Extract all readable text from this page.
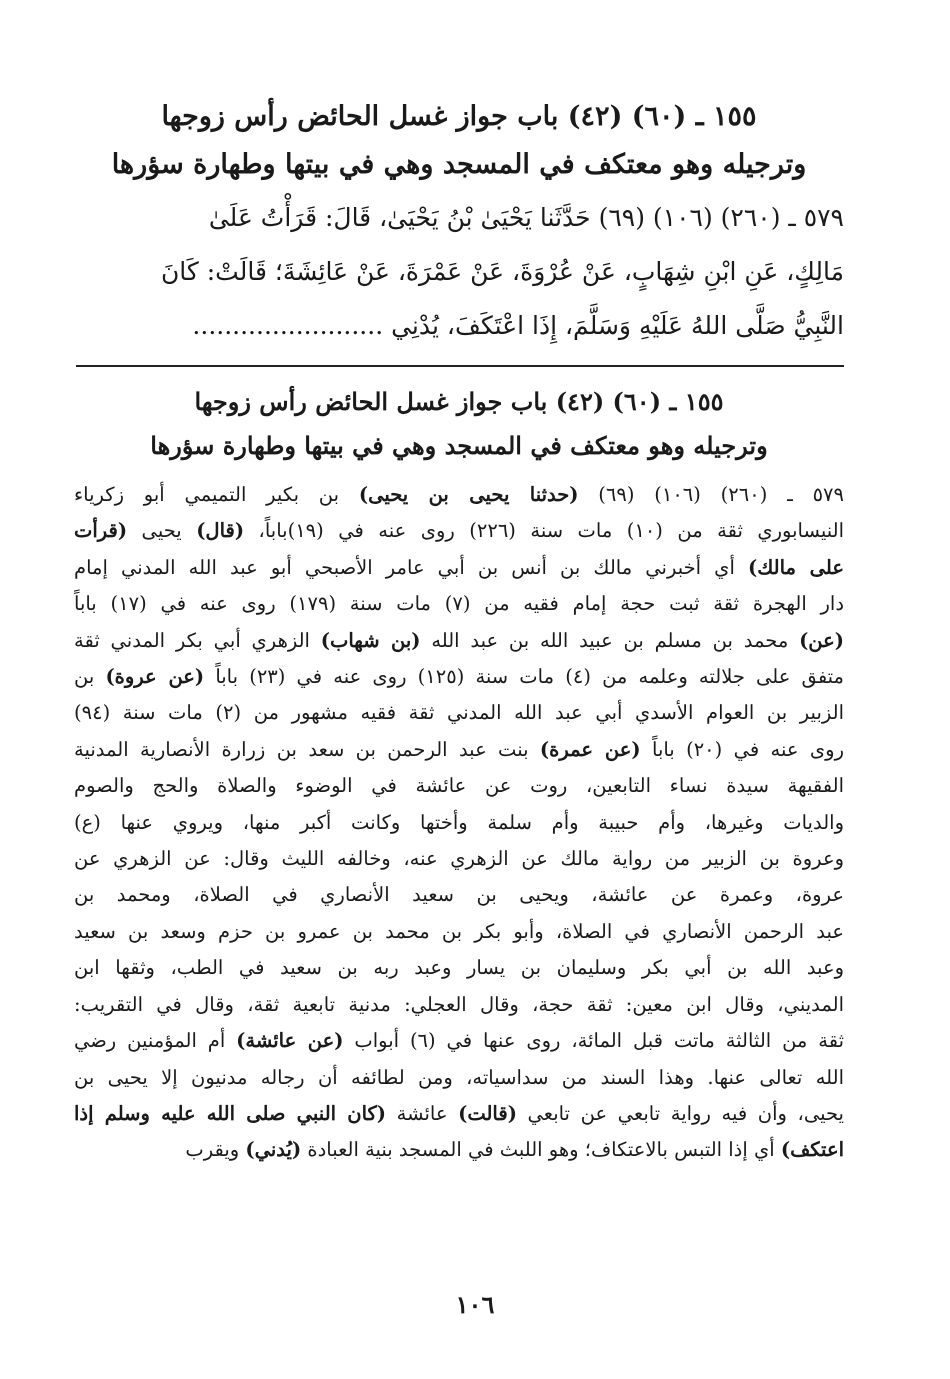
١٥٥ ـ (٦٠) (٤٢) باب جواز غسل الحائض رأس زوجها
وترجيله وهو معتكف في المسجد وهي في بيتها وطهارة سؤرها
٥٧٩ ـ (٢٦٠) (١٠٦) (٦٩) حَدَّثَنا يَحْيَىٰ بْنُ يَحْيَىٰ، قَالَ: قَرَأْتُ عَلَىٰ
مَالِكٍ، عَنِ ابْنِ شِهَابٍ، عَنْ عُرْوَةَ، عَنْ عَمْرَةَ، عَنْ عَائِشَةَ؛ قَالَتْ: كَانَ
النَّبِيُّ صَلَّى اللهُ عَلَيْهِ وَسَلَّمَ، إِذَا اعْتَكَفَ، يُدْنِي ........................
١٥٥ ـ (٦٠) (٤٢) باب جواز غسل الحائض رأس زوجها
وترجيله وهو معتكف في المسجد وهي في بيتها وطهارة سؤرها
٥٧٩ ـ (٢٦٠) (١٠٦) (٦٩) (حدثنا يحيى بن يحيى) بن بكير التميمي أبو زكرياء
النيسابوري ثقة من (١٠) مات سنة (٢٢٦) روى عنه في (١٩)باباً، (قال) يحيى (قرأت
على مالك) أي أخبرني مالك بن أنس بن أبي عامر الأصبحي أبو عبد الله المدني إمام
دار الهجرة ثقة ثبت حجة إمام فقيه من (٧) مات سنة (١٧٩) روى عنه في (١٧) باباً
(عن) محمد بن مسلم بن عبيد الله بن عبد الله (بن شهاب) الزهري أبي بكر المدني ثقة
متفق على جلالته وعلمه من (٤) مات سنة (١٢٥) روى عنه في (٢٣) باباً (عن عروة) بن
الزبير بن العوام الأسدي أبي عبد الله المدني ثقة فقيه مشهور من (٢) مات سنة (٩٤)
روى عنه في (٢٠) باباً (عن عمرة) بنت عبد الرحمن بن سعد بن زرارة الأنصارية المدنية
الفقيهة سيدة نساء التابعين، روت عن عائشة في الوضوء والصلاة والحج والصوم
والديات وغيرها، وأم حبيبة وأم سلمة وأختها وكانت أكبر منها، ويروي عنها (ع)
وعروة بن الزبير من رواية مالك عن الزهري عنه، وخالفه الليث وقال: عن الزهري عن
عروة، وعمرة عن عائشة، ويحيى بن سعيد الأنصاري في الصلاة، ومحمد بن
عبد الرحمن الأنصاري في الصلاة، وأبو بكر بن محمد بن عمرو بن حزم وسعد بن سعيد
وعبد الله بن أبي بكر وسليمان بن يسار وعبد ربه بن سعيد في الطب، وثقها ابن
المديني، وقال ابن معين: ثقة حجة، وقال العجلي: مدنية تابعية ثقة، وقال في التقريب:
ثقة من الثالثة ماتت قبل المائة، روى عنها في (٦) أبواب (عن عائشة) أم المؤمنين رضي
الله تعالى عنها. وهذا السند من سداسياته، ومن لطائفه أن رجاله مدنيون إلا يحيى بن
يحيى، وأن فيه رواية تابعي عن تابعي (قالت) عائشة (كان النبي صلى الله عليه وسلم إذا
اعتكف) أي إذا التبس بالاعتكاف؛ وهو اللبث في المسجد بنية العبادة (يُدني) ويقرب
١٠٦
